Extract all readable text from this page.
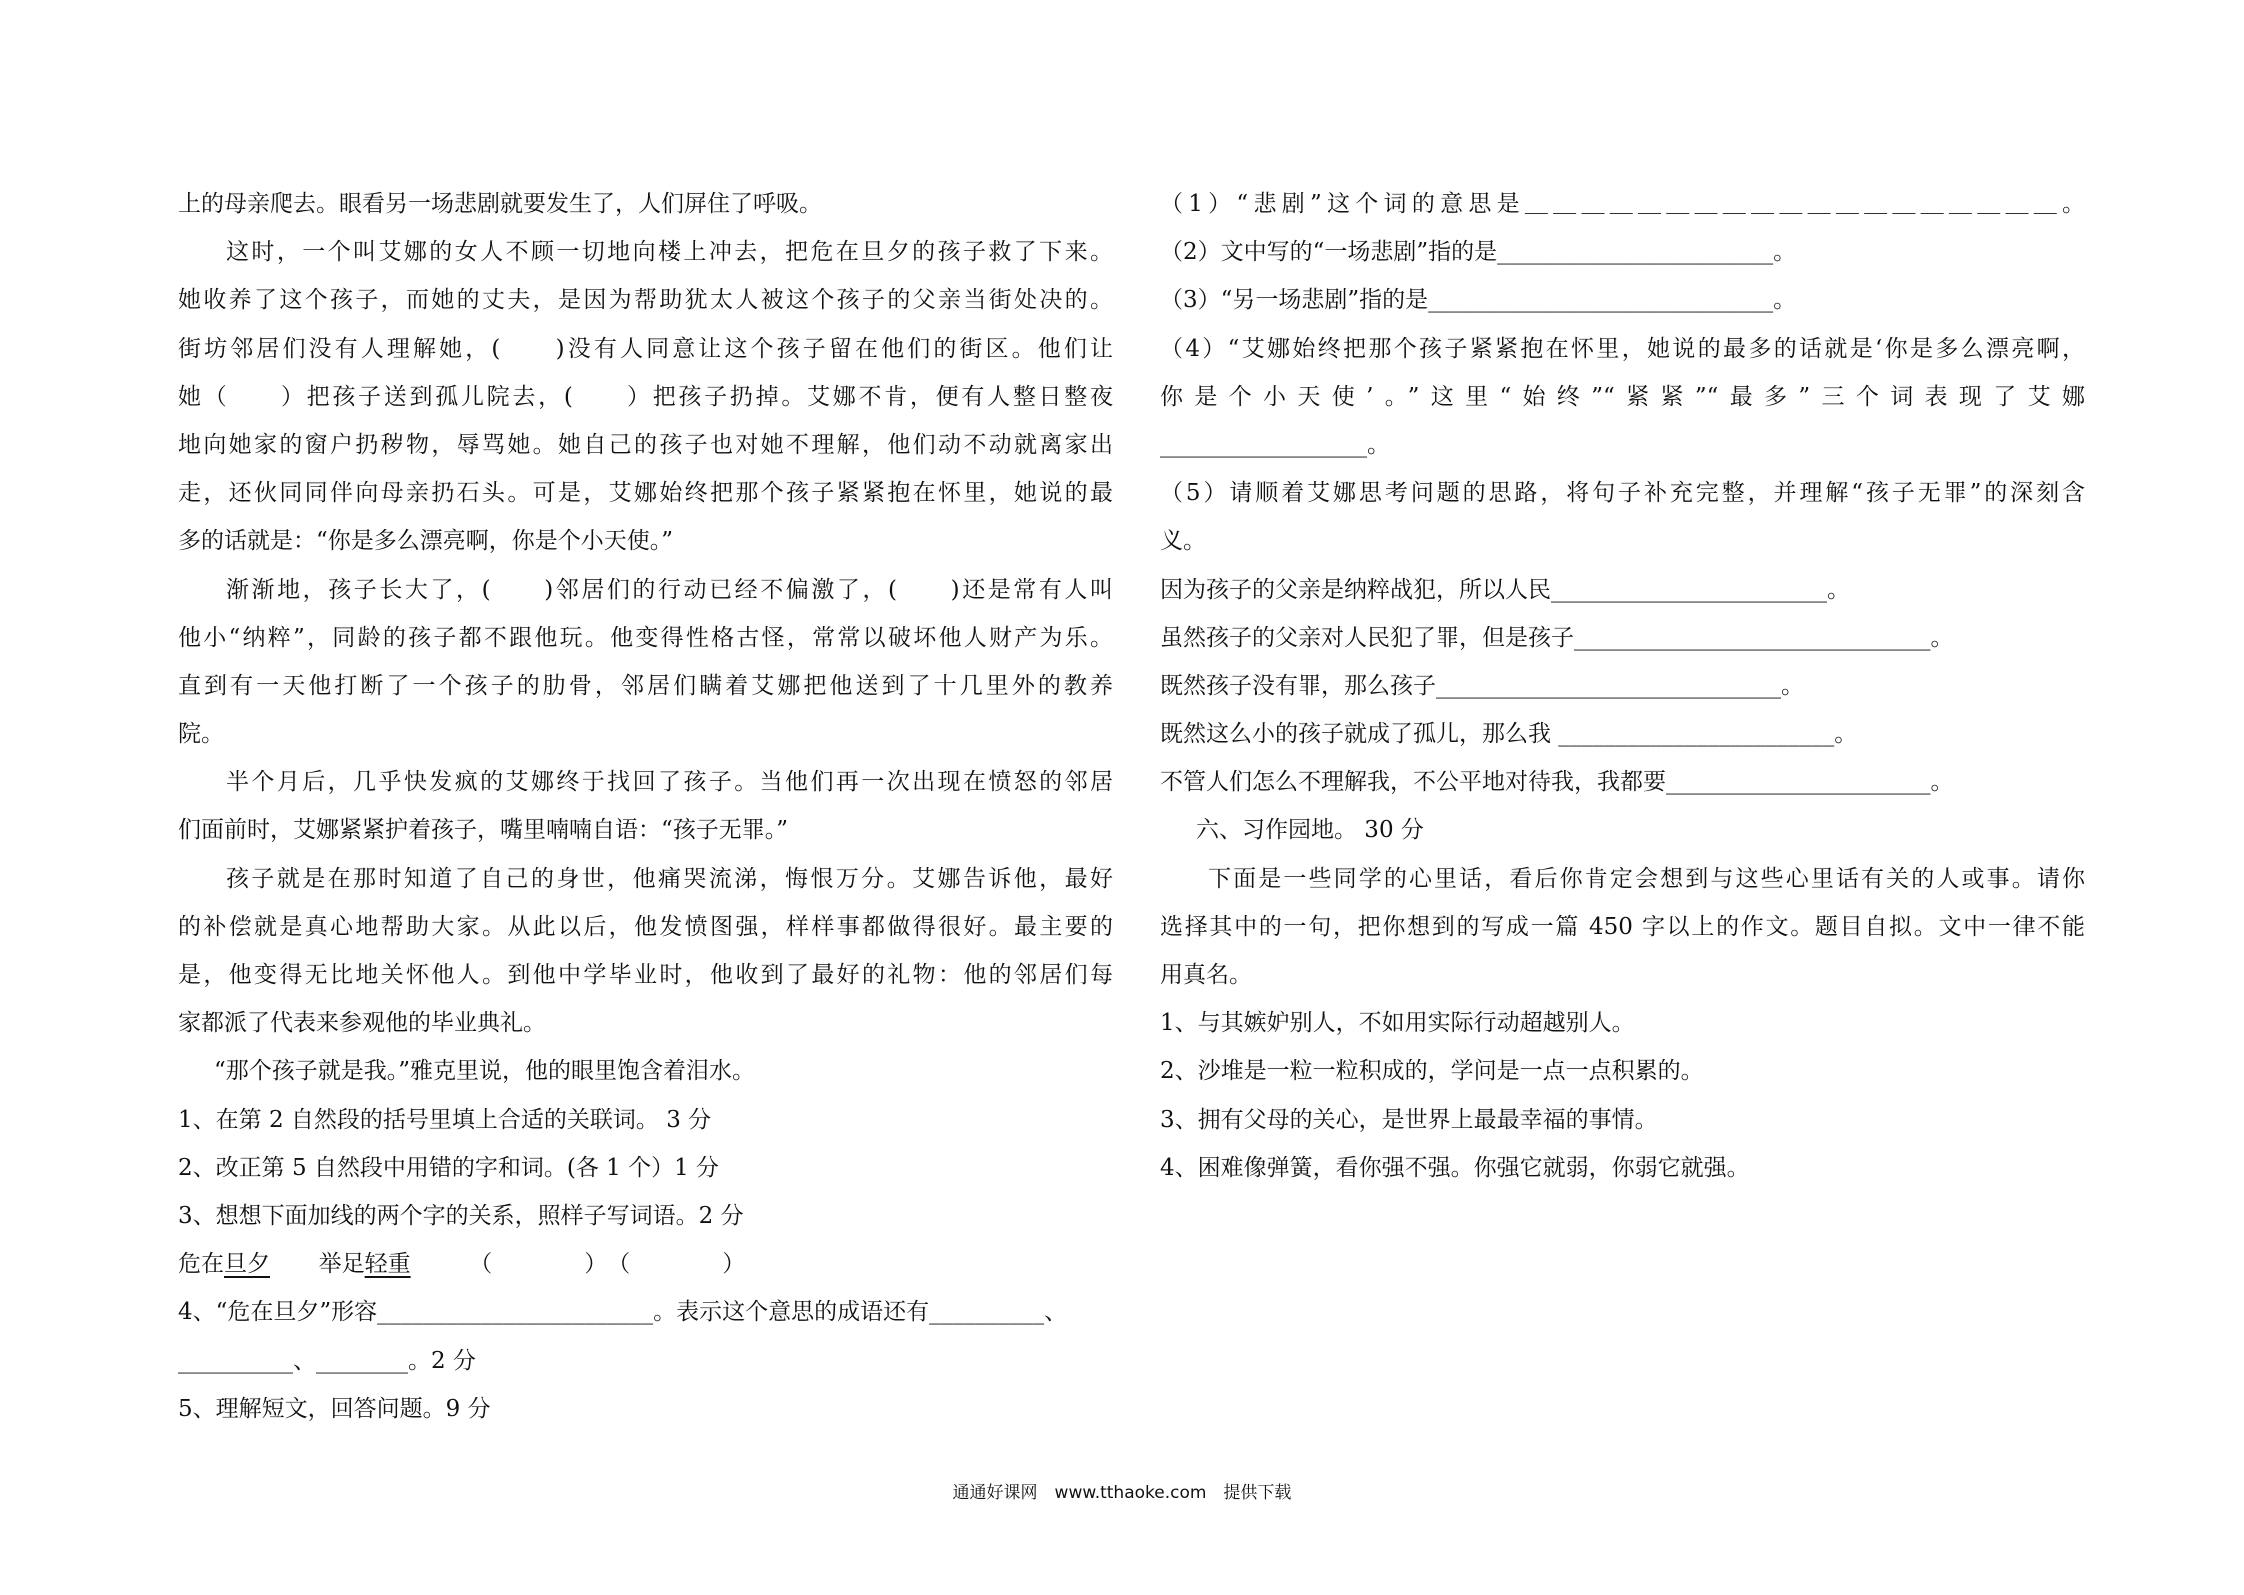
上的母亲爬去。眼看另一场悲剧就要发生了，人们屏住了呼吸。
这时，一个叫艾娜的女人不顾一切地向楼上冲去，把危在旦夕的孩子救了下来。
她收养了这个孩子，而她的丈夫，是因为帮助犹太人被这个孩子的父亲当街处决的。
街坊邻居们没有人理解她，(　　)没有人同意让这个孩子留在他们的街区。他们让
她（　　）把孩子送到孤儿院去，(　　）把孩子扔掉。艾娜不肯，便有人整日整夜
地向她家的窗户扔秽物，辱骂她。她自己的孩子也对她不理解，他们动不动就离家出
走，还伙同同伴向母亲扔石头。可是，艾娜始终把那个孩子紧紧抱在怀里，她说的最
多的话就是：“你是多么漂亮啊，你是个小天使。”
渐渐地，孩子长大了，(　　)邻居们的行动已经不偏激了，(　　)还是常有人叫
他小“纳粹”，同龄的孩子都不跟他玩。他变得性格古怪，常常以破坏他人财产为乐。
直到有一天他打断了一个孩子的肋骨，邻居们瞒着艾娜把他送到了十几里外的教养
院。
半个月后，几乎快发疯的艾娜终于找回了孩子。当他们再一次出现在愤怒的邻居
们面前时，艾娜紧紧护着孩子，嘴里喃喃自语：“孩子无罪。”
孩子就是在那时知道了自己的身世，他痛哭流涕，悔恨万分。艾娜告诉他，最好
的补偿就是真心地帮助大家。从此以后，他发愤图强，样样事都做得很好。最主要的
是，他变得无比地关怀他人。到他中学毕业时，他收到了最好的礼物：他的邻居们每
家都派了代表来参观他的毕业典礼。
“那个孩子就是我。”雅克里说，他的眼里饱含着泪水。
1、在第 2 自然段的括号里填上合适的关联词。 3 分
2、改正第 5 自然段中用错的字和词。(各 1 个）1 分
3、想想下面加线的两个字的关系，照样子写词语。2 分
危在旦夕 举足轻重	（　　　　）　（　　　　）
4、“危在旦夕”形容________________________。表示这个意思的成语还有__________、
__________、________。2 分
5、理解短文，回答问题。9 分
（1）“悲剧”这个词的意思是＿＿＿＿＿＿＿＿＿＿＿＿＿＿＿＿＿＿＿。
（2）文中写的“一场悲剧”指的是________________________。
（3）“另一场悲剧”指的是______________________________。
（4）“艾娜始终把那个孩子紧紧抱在怀里，她说的最多的话就是‘你是多么漂亮啊，
你是个小天使’。”这里“始终”“紧紧”“最多”三个词表现了艾娜
__________________。
（5）请顺着艾娜思考问题的思路，将句子补充完整，并理解“孩子无罪”的深刻含
义。
因为孩子的父亲是纳粹战犯，所以人民________________________。
虽然孩子的父亲对人民犯了罪，但是孩子_______________________________。
既然孩子没有罪，那么孩子______________________________。
既然这么小的孩子就成了孤儿，那么我 ________________________。
不管人们怎么不理解我，不公平地对待我，我都要_______________________。
六、习作园地。 30 分
下面是一些同学的心里话，看后你肯定会想到与这些心里话有关的人或事。请你
选择其中的一句，把你想到的写成一篇 450 字以上的作文。题目自拟。文中一律不能
用真名。
1、与其嫉妒别人，不如用实际行动超越别人。
2、沙堆是一粒一粒积成的，学问是一点一点积累的。
3、拥有父母的关心，是世界上最最幸福的事情。
4、困难像弹簧，看你强不强。你强它就弱，你弱它就强。
通通好课网　www.tthaoke.com　提供下载
